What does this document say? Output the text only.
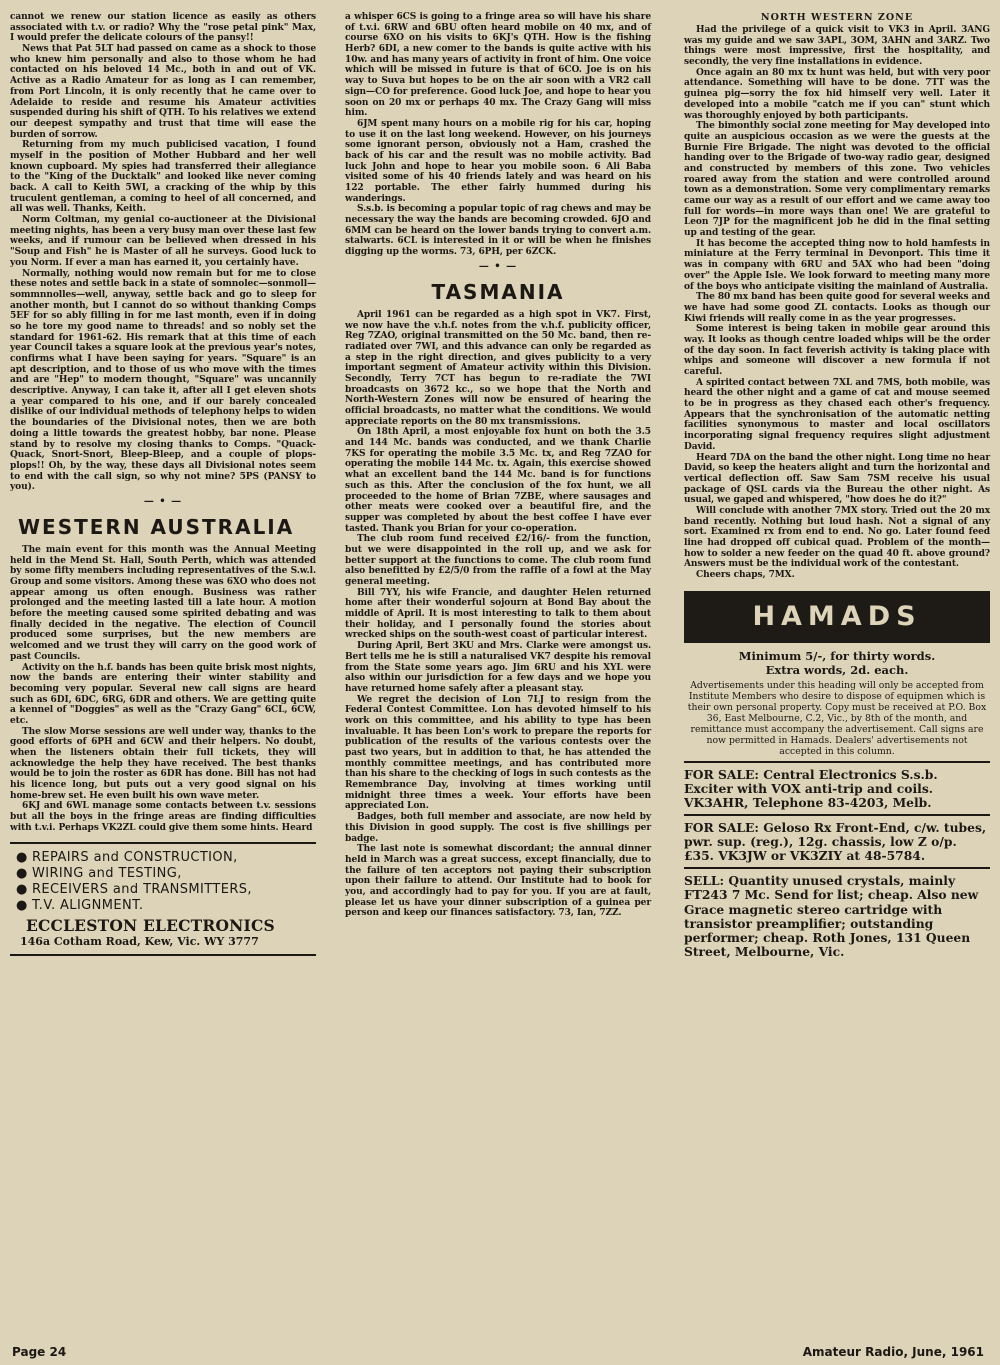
cannot we renew our station licence as easily as others associated with t.v. or radio? Why the "rose petal pink" Max, I would prefer the delicate colours of the pansy!!

News that Pat 5LT had passed on came as a shock to those who knew him personally and also to those whom he had contacted on his beloved 14 Mc., both in and out of VK. Active as a Radio Amateur for as long as I can remember, from Port Lincoln, it is only recently that he came over to Adelaide to reside and resume his Amateur activities suspended during his shift of QTH. To his relatives we extend our deepest sympathy and trust that time will ease the burden of sorrow.

Returning from my much publicised vacation, I found myself in the position of Mother Hubbard and her well known cupboard. My spies had transferred their allegiance to the "King of the Ducktalk" and looked like never coming back. A call to Keith 5WI, a cracking of the whip by this truculent gentleman, a coming to heel of all concerned, and all was well. Thanks, Keith.

Norm Coltman, my genial co-auctioneer at the Divisional meeting nights, has been a very busy man over these last few weeks, and if rumour can be believed when dressed in his "Soup and Fish" he is Master of all he surveys. Good luck to you Norm. If ever a man has earned it, you certainly have.

Normally, nothing would now remain but for me to close these notes and settle back in a state of somnolec—sonmoll—sommnnolles—well, anyway, settle back and go to sleep for another month, but I cannot do so without thanking Comps 5EF for so ably filling in for me last month, even if in doing so he tore my good name to threads! and so nobly set the standard for 1961-62. His remark that at this time of each year Council takes a square look at the previous year's notes, confirms what I have been saying for years. "Square" is an apt description, and to those of us who move with the times and are "Hep" to modern thought, "Square" was uncannily descriptive. Anyway, I can take it, after all I get eleven shots a year compared to his one, and if our barely concealed dislike of our individual methods of telephony helps to widen the boundaries of the Divisional notes, then we are both doing a little towards the greatest hobby, bar none. Please stand by to resolve my closing thanks to Comps. "Quack-Quack, Snort-Snort, Bleep-Bleep, and a couple of plops-plops!! Oh, by the way, these days all Divisional notes seem to end with the call sign, so why not mine? 5PS (PANSY to you).

— • —
WESTERN AUSTRALIA

The main event for this month was the Annual Meeting held in the Mend St. Hall, South Perth, which was attended by some fifty members including representatives of the S.w.l. Group and some visitors. Among these was 6XO who does not appear among us often enough. Business was rather prolonged and the meeting lasted till a late hour. A motion before the meeting caused some spirited debating and was finally decided in the negative. The election of Council produced some surprises, but the new members are welcomed and we trust they will carry on the good work of past Councils.

Activity on the h.f. bands has been quite brisk most nights, now the bands are entering their winter stability and becoming very popular. Several new call signs are heard such as 6DI, 6DC, 6RG, 6DR and others. We are getting quite a kennel of "Doggies" as well as the "Crazy Gang" 6CL, 6CW, etc.

The slow Morse sessions are well under way, thanks to the good efforts of 6PH and 6CW and their helpers. No doubt, when the listeners obtain their full tickets, they will acknowledge the help they have received. The best thanks would be to join the roster as 6DR has done. Bill has not had his licence long, but puts out a very good signal on his home-brew set. He even built his own wave meter.

6KJ and 6WL manage some contacts between t.v. sessions but all the boys in the fringe areas are finding difficulties with t.v.i. Perhaps VK2ZL could give them some hints. Heard

● REPAIRS and CONSTRUCTION,
● WIRING and TESTING,
● RECEIVERS and TRANSMITTERS,
● T.V. ALIGNMENT.
ECCLESTON ELECTRONICS
146a Cotham Road, Kew, Vic. WY 3777

a whisper 6CS is going to a fringe area so will have his share of t.v.i. 6RW and 6BU often heard mobile on 40 mx, and of course 6XO on his visits to 6KJ's QTH. How is the fishing Herb? 6DI, a new comer to the bands is quite active with his 10w. and has many years of activity in front of him. One voice which will be missed in future is that of 6CO. Joe is on his way to Suva but hopes to be on the air soon with a VR2 call sign—CO for preference. Good luck Joe, and hope to hear you soon on 20 mx or perhaps 40 mx. The Crazy Gang will miss him.

6JM spent many hours on a mobile rig for his car, hoping to use it on the last long weekend. However, on his journeys some ignorant person, obviously not a Ham, crashed the back of his car and the result was no mobile activity. Bad luck John and hope to hear you mobile soon. 6 Ali Baba visited some of his 40 friends lately and was heard on his 122 portable. The ether fairly hummed during his wanderings.

S.s.b. is becoming a popular topic of rag chews and may be necessary the way the bands are becoming crowded. 6JO and 6MM can be heard on the lower bands trying to convert a.m. stalwarts. 6CL is interested in it or will be when he finishes digging up the worms. 73, 6PH, per 6ZCK.

— • —
TASMANIA

April 1961 can be regarded as a high spot in VK7. First, we now have the v.h.f. notes from the v.h.f. publicity officer, Reg 7ZAO, original transmitted on the 50 Mc. band, then re-radiated over 7WI, and this advance can only be regarded as a step in the right direction, and gives publicity to a very important segment of Amateur activity within this Division. Secondly, Terry 7CT has begun to re-radiate the 7WI broadcasts on 3672 kc., so we hope that the North and North-Western Zones will now be ensured of hearing the official broadcasts, no matter what the conditions. We would appreciate reports on the 80 mx transmissions.

On 18th April, a most enjoyable fox hunt on both the 3.5 and 144 Mc. bands was conducted, and we thank Charlie 7KS for operating the mobile 3.5 Mc. tx, and Reg 7ZAO for operating the mobile 144 Mc. tx. Again, this exercise showed what an excellent band the 144 Mc. band is for functions such as this. After the conclusion of the fox hunt, we all proceeded to the home of Brian 7ZBE, where sausages and other meats were cooked over a beautiful fire, and the supper was completed by about the best coffee I have ever tasted. Thank you Brian for your co-operation.

The club room fund received £2/16/- from the function, but we were disappointed in the roll up, and we ask for better support at the functions to come. The club room fund also benefitted by £2/5/0 from the raffle of a fowl at the May general meeting.

Bill 7YY, his wife Francie, and daughter Helen returned home after their wonderful sojourn at Bond Bay about the middle of April. It is most interesting to talk to them about their holiday, and I personally found the stories about wrecked ships on the south-west coast of particular interest.

During April, Bert 3KU and Mrs. Clarke were amongst us. Bert tells me he is still a naturalised VK7 despite his removal from the State some years ago. Jim 6RU and his XYL were also within our jurisdiction for a few days and we hope you have returned home safely after a pleasant stay.

We regret the decision of Lon 7LJ to resign from the Federal Contest Committee. Lon has devoted himself to his work on this committee, and his ability to type has been invaluable. It has been Lon's work to prepare the reports for publication of the results of the various contests over the past two years, but in addition to that, he has attended the monthly committee meetings, and has contributed more than his share to the checking of logs in such contests as the Remembrance Day, involving at times working until midnight three times a week. Your efforts have been appreciated Lon.

Badges, both full member and associate, are now held by this Division in good supply. The cost is five shillings per badge.

The last note is somewhat discordant; the annual dinner held in March was a great success, except financially, due to the failure of ten acceptors not paying their subscription upon their failure to attend. Our Institute had to book for you, and accordingly had to pay for you. If you are at fault, please let us have your dinner subscription of a guinea per person and keep our finances satisfactory. 73, Ian, 7ZZ.

NORTH WESTERN ZONE

Had the privilege of a quick visit to VK3 in April. 3ANG was my guide and we saw 3APL, 3OM, 3AHN and 3ARZ. Two things were most impressive, first the hospitality, and secondly, the very fine installations in evidence.

Once again an 80 mx tx hunt was held, but with very poor attendance. Something will have to be done. 7TT was the guinea pig—sorry the fox hid himself very well. Later it developed into a mobile "catch me if you can" stunt which was thoroughly enjoyed by both participants.

The bimonthly social zone meeting for May developed into quite an auspicious occasion as we were the guests at the Burnie Fire Brigade. The night was devoted to the official handing over to the Brigade of two-way radio gear, designed and constructed by members of this zone. Two vehicles roared away from the station and were controlled around town as a demonstration. Some very complimentary remarks came our way as a result of our effort and we came away too full for words—in more ways than one! We are grateful to Leon 7JP for the magnificent job he did in the final setting up and testing of the gear.

It has become the accepted thing now to hold hamfests in miniature at the Ferry terminal in Devonport. This time it was in company with 6RU and 5AX who had been "doing over" the Apple Isle. We look forward to meeting many more of the boys who anticipate visiting the mainland of Australia.

The 80 mx band has been quite good for several weeks and we have had some good ZL contacts. Looks as though our Kiwi friends will really come in as the year progresses.

Some interest is being taken in mobile gear around this way. It looks as though centre loaded whips will be the order of the day soon. In fact feverish activity is taking place with whips and someone will discover a new formula if not careful.

A spirited contact between 7XL and 7MS, both mobile, was heard the other night and a game of cat and mouse seemed to be in progress as they chased each other's frequency. Appears that the synchronisation of the automatic netting facilities synonymous to master and local oscillators incorporating signal frequency requires slight adjustment David.

Heard 7DA on the band the other night. Long time no hear David, so keep the heaters alight and turn the horizontal and vertical deflection off. Saw Sam 7SM receive his usual package of QSL cards via the Bureau the other night. As usual, we gaped and whispered, "how does he do it?"

Will conclude with another 7MX story. Tried out the 20 mx band recently. Nothing but loud hash. Not a signal of any sort. Examined rx from end to end. No go. Later found feed line had dropped off cubical quad. Problem of the month—how to solder a new feeder on the quad 40 ft. above ground? Answers must be the individual work of the contestant.

Cheers chaps, 7MX.

HAMADS
Minimum 5/-, for thirty words.
Extra words, 2d. each.
Advertisements under this heading will only be accepted from Institute Members who desire to dispose of equipmen which is their own personal property. Copy must be received at P.O. Box 36, East Melbourne, C.2, Vic., by 8th of the month, and remittance must accompany the advertisement. Call signs are now permitted in Hamads. Dealers' advertisements not accepted in this column.
FOR SALE: Central Electronics S.s.b. Exciter with VOX anti-trip and coils. VK3AHR, Telephone 83-4203, Melb.
FOR SALE: Geloso Rx Front-End, c/w. tubes, pwr. sup. (reg.), 12g. chassis, low Z o/p. £35. VK3JW or VK3ZIY at 48-5784.
SELL: Quantity unused crystals, mainly FT243 7 Mc. Send for list; cheap. Also new Grace magnetic stereo cartridge with transistor preamplifier; outstanding performer; cheap. Roth Jones, 131 Queen Street, Melbourne, Vic.
Page 24	Amateur Radio, June, 1961
